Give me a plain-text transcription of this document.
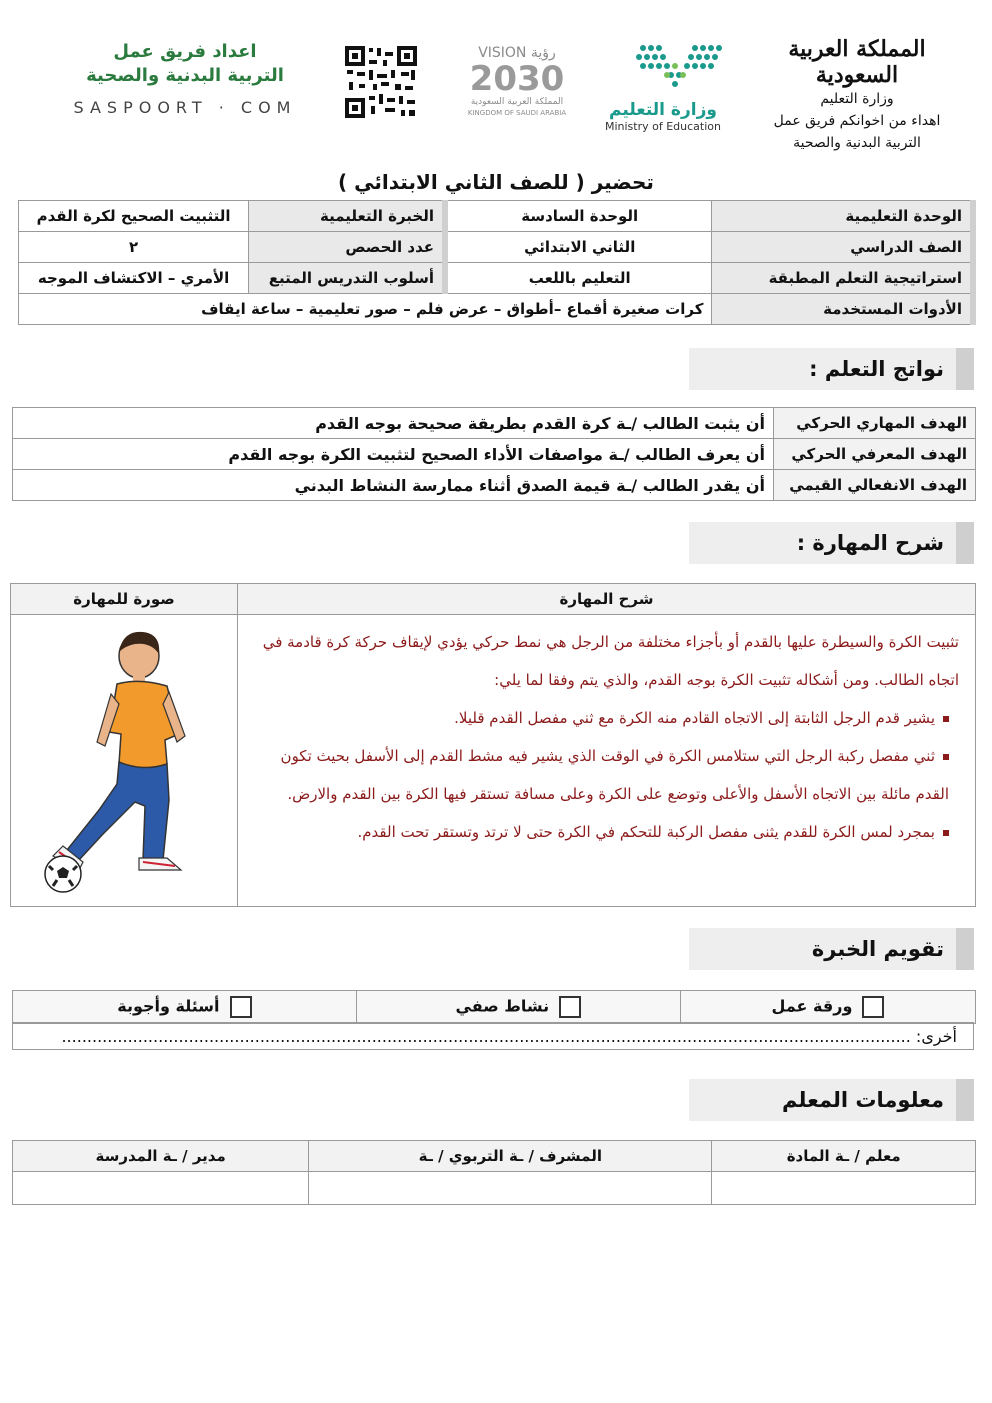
المملكة العربية السعودية
وزارة التعليم
اهداء من اخوانكم فريق عمل
التربية البدنية والصحية
وزارة التعليم
Ministry of Education
VISION رؤية
2030
المملكة العربية السعودية
KINGDOM OF SAUDI ARABIA
اعداد فريق عمل
التربية البدنية والصحية
SASPOORT · COM
تحضير ( للصف الثاني الابتدائي )
الوحدة التعليمية	الوحدة السادسة	الخبرة التعليمية	التثبيت الصحيح لكرة القدم
الصف الدراسي	الثاني الابتدائي	عدد الحصص	٢
استراتيجية التعلم المطبقة	التعليم باللعب	أسلوب التدريس المتبع	الأمري – الاكتشاف الموجه
الأدوات المستخدمة	كرات صغيرة أقماع –أطواق – عرض فلم – صور تعليمية – ساعة ايقاف		
نواتج التعلم :
الهدف المهاري الحركي	أن يثبت الطالب /ـة كرة القدم بطريقة صحيحة بوجه القدم
الهدف المعرفي الحركي	أن يعرف الطالب /ـة مواصفات الأداء الصحيح لتثبيت الكرة بوجه القدم
الهدف الانفعالي القيمي	أن يقدر الطالب /ـة قيمة الصدق أثناء ممارسة النشاط البدني
شرح المهارة :
شرح المهارة	صورة للمهارة

تثبيت الكرة والسيطرة عليها بالقدم أو بأجزاء مختلفة من الرجل هي نمط حركي يؤدي لإيقاف حركة كرة قادمة في اتجاه الطالب. ومن أشكاله تثبيت الكرة بوجه القدم، والذي يتم وفقا لما يلي:
يشير قدم الرجل الثابتة إلى الاتجاه القادم منه الكرة مع ثني مفصل القدم قليلا.
ثني مفصل ركبة الرجل التي ستلامس الكرة في الوقت الذي يشير فيه مشط القدم إلى الأسفل بحيث تكون القدم مائلة بين الاتجاه الأسفل والأعلى وتوضع على الكرة وعلى مسافة تستقر فيها الكرة بين القدم والارض.
بمجرد لمس الكرة للقدم يثنى مفصل الركبة للتحكم في الكرة حتى لا ترتد وتستقر تحت القدم.

تقويم الخبرة
ورقة عمل	نشاط صفي	أسئلة وأجوبة
أخرى: .......................................................................................................................................................................
معلومات المعلم
معلم / ـة المادة	المشرف / ـة التربوي / ـة	مدير / ـة المدرسة
